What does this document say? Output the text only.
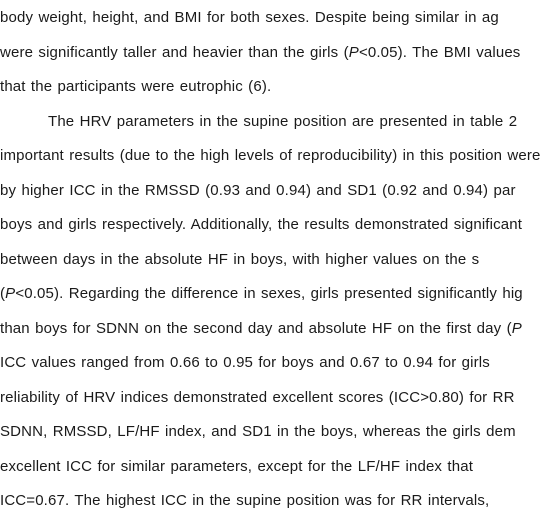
body weight, height, and BMI for both sexes. Despite being similar in ag
were significantly taller and heavier than the girls (P<0.05). The BMI values
that the participants were eutrophic (6).
The HRV parameters in the supine position are presented in table 2
important results (due to the high levels of reproducibility) in this position were
by higher ICC in the RMSSD (0.93 and 0.94) and SD1 (0.92 and 0.94) par
boys and girls respectively. Additionally, the results demonstrated significant
between days in the absolute HF in boys, with higher values on the s
(P<0.05). Regarding the difference in sexes, girls presented significantly hig
than boys for SDNN on the second day and absolute HF on the first day (P
ICC values ranged from 0.66 to 0.95 for boys and 0.67 to 0.94 for girls
reliability of HRV indices demonstrated excellent scores (ICC>0.80) for RR
SDNN, RMSSD, LF/HF index, and SD1 in the boys, whereas the girls dem
excellent ICC for similar parameters, except for the LF/HF index that
ICC=0.67. The highest ICC in the supine position was for RR intervals,
